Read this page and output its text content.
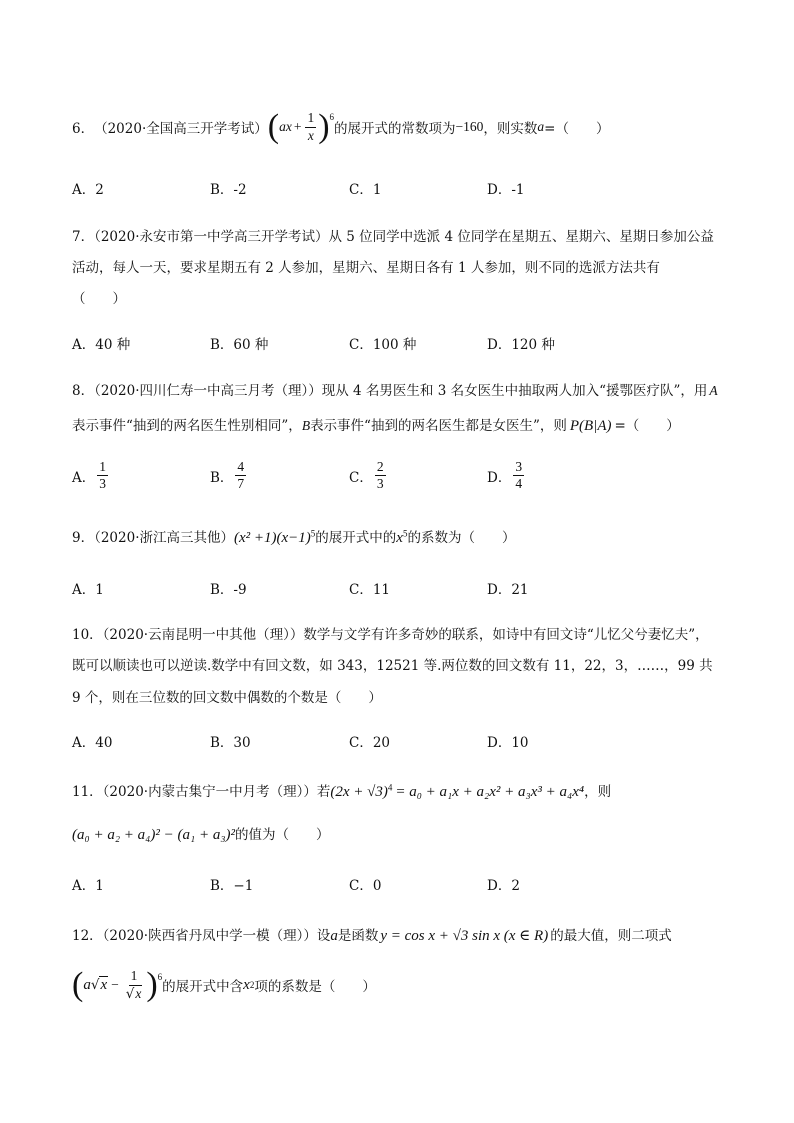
6． （2020·全国高三开学考试） ( a $x + \frac{1}{x} )^6$
的展开式的常数项为 −160 ，则实数 a =（　　）
A．2	B．-2	C．1	D．-1
7．（2020·永安市第一中学高三开学考试）从 5 位同学中选派 4 位同学在星期五、星期六、星期日参加公益
活动，每人一天，要求星期五有 2 人参加，星期六、星期日各有 1 人参加，则不同的选派方法共有
（　　）
A．40 种	B．60 种	C．100 种	D．120 种
8．（2020·四川仁寿一中高三月考（理））现从 4 名男医生和 3 名女医生中抽取两人加入“援鄂医疗队”，用 A
表示事件“抽到的两名医生性别相同”，B表示事件“抽到的两名医生都是女医生”，则 P(B|A) =（　　）
A． $\frac{1}{3}$	B． $\frac{4}{7}$	C． $\frac{2}{3}$	D． $\frac{3}{4}$
9．（2020·浙江高三其他）$(x^2 +1)(x-1)^5$的展开式中的$x^5$的系数为（　　）
A．1	B．-9	C．11	D．21
10．（2020·云南昆明一中其他（理））数学与文学有许多奇妙的联系，如诗中有回文诗“儿忆父兮妻忆夫”，
既可以顺读也可以逆读.数学中有回文数，如 343，12521 等.两位数的回文数有 11，22，3，……，99 共
9 个，则在三位数的回文数中偶数的个数是（　　）
A．40	B．30	C．20	D．10
11．（2020·内蒙古集宁一中月考（理））若$(2x + √3)^4 = a_0 + a_1x + a_2x^2 + a_3x^3 + a_4x^4$，则
(a₀ + a₂ + a₄)² − (a₁ + a₃)²的值为（　　）
A．1	B．−1	C．0	D．2
12．（2020·陕西省丹凤中学一模（理））设a是函数 y = cos x + √3 sin x (x ∈ R) 的最大值，则二项式
( a √ $x - \frac{1}{√x} )^6$
的展开式中含 x 2 项的系数是（　　）
